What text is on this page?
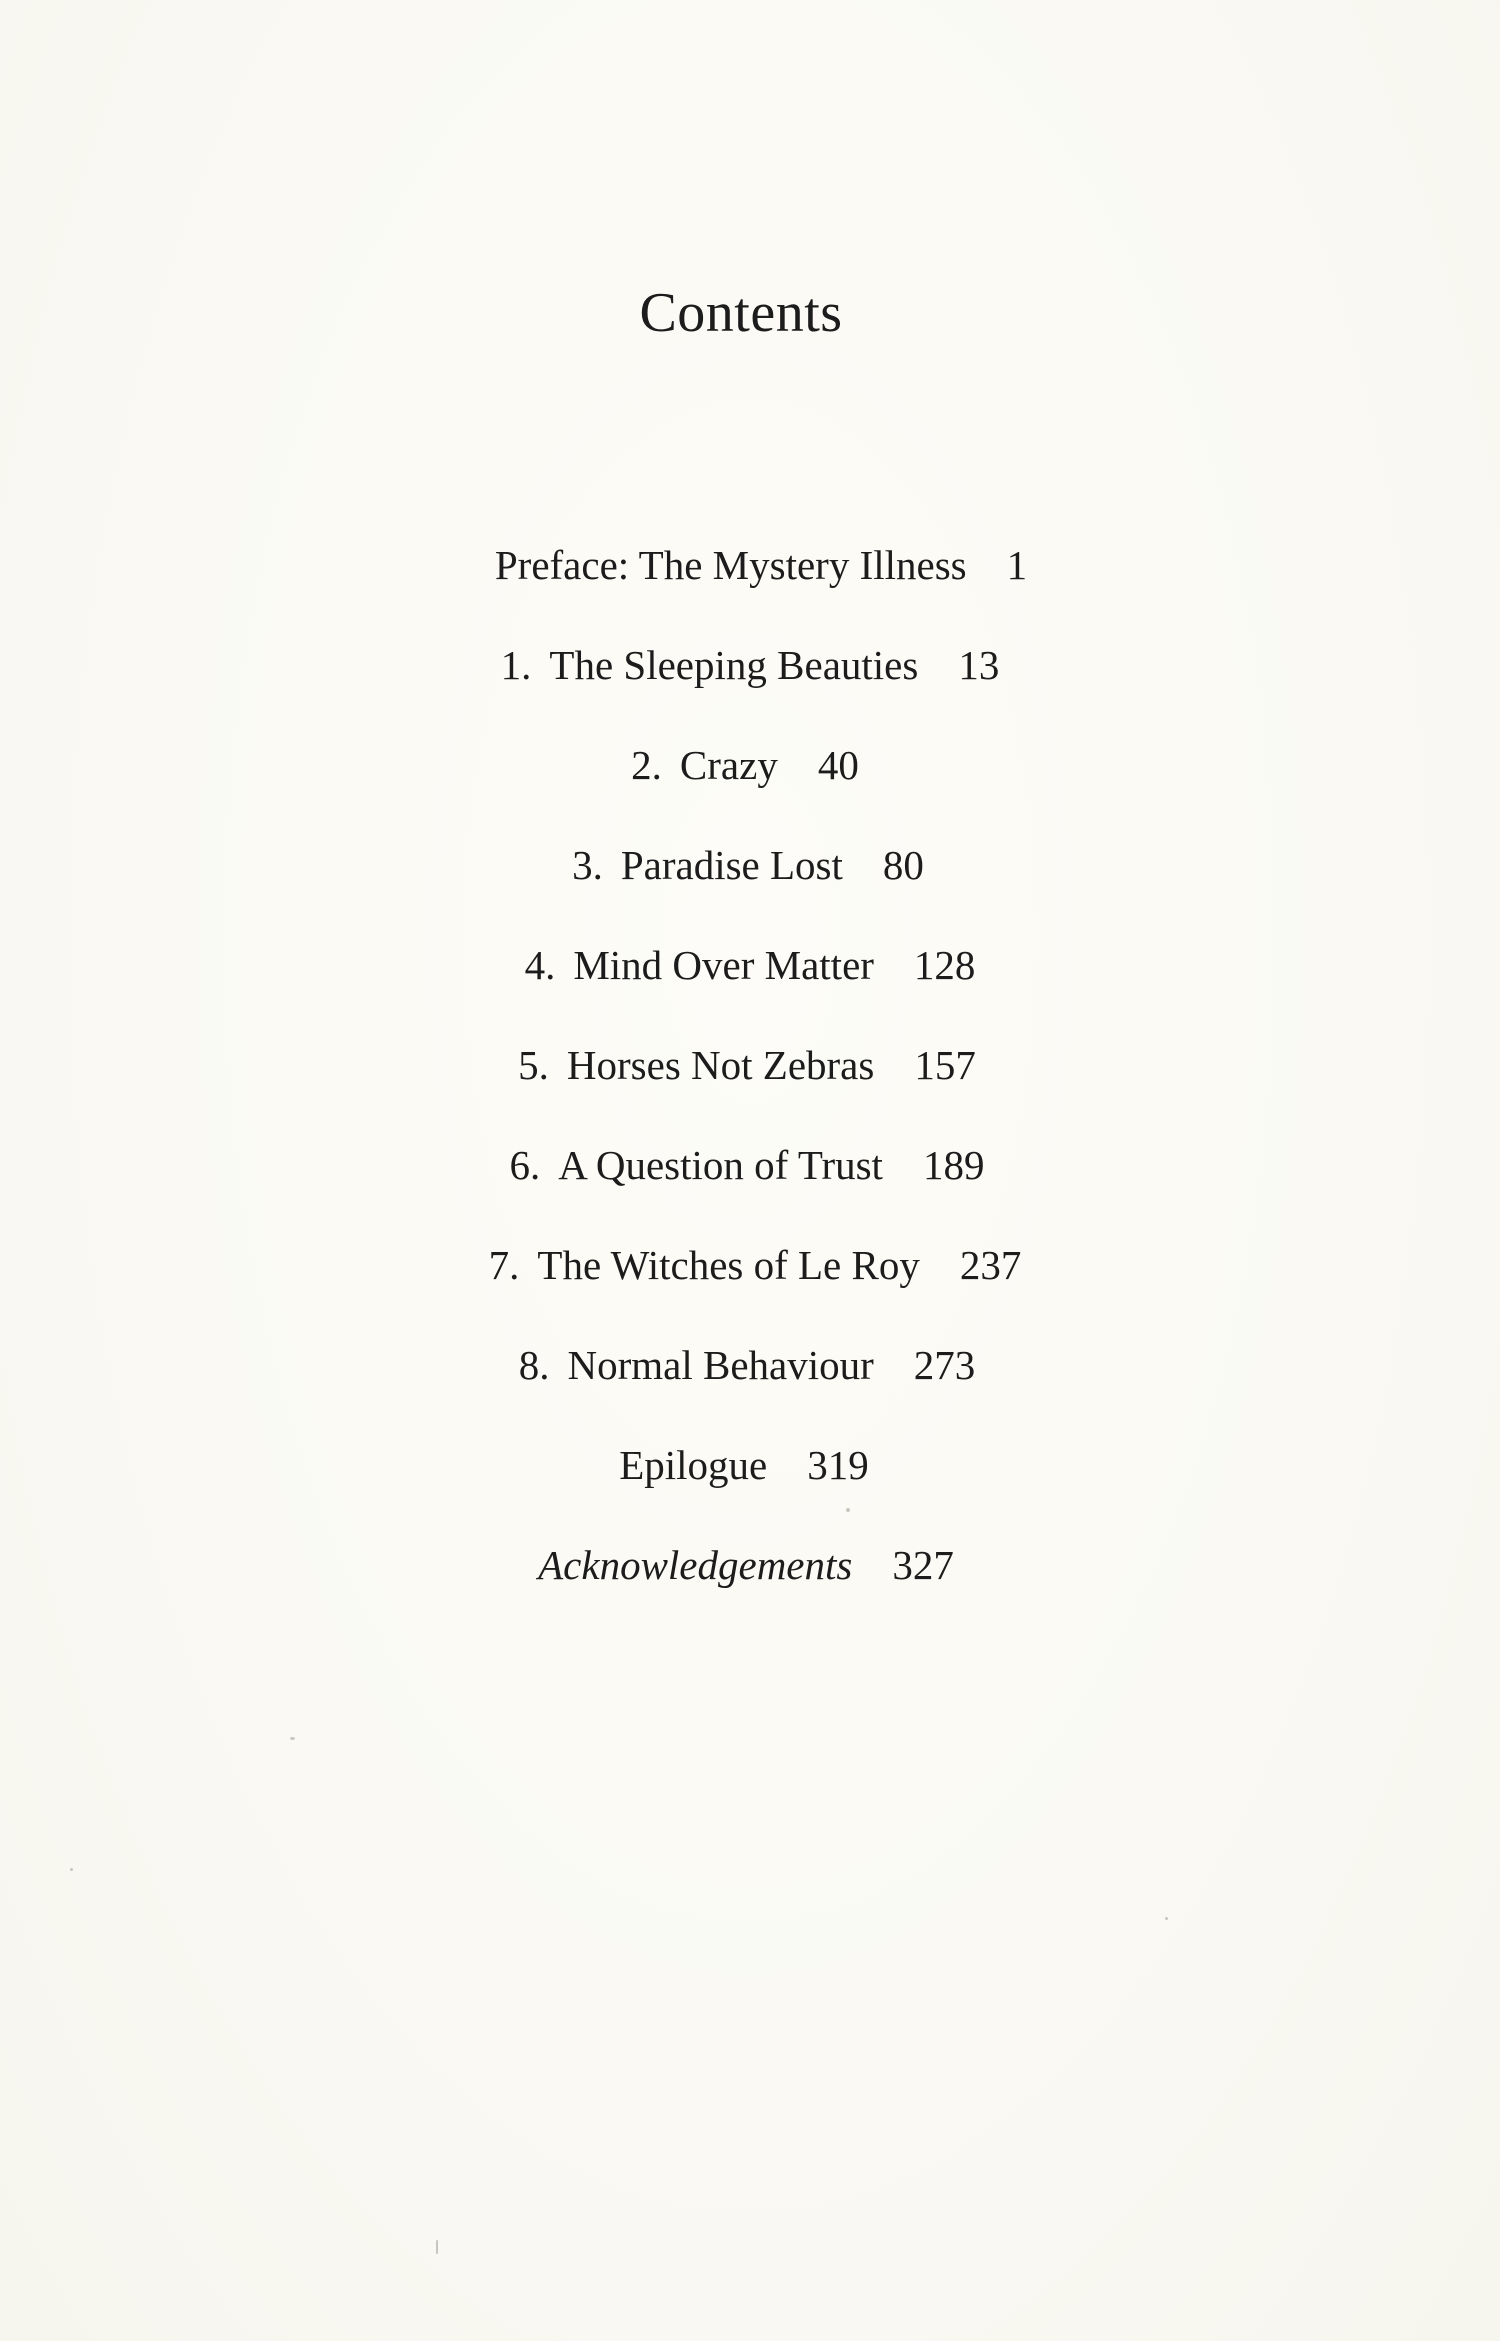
Contents
Preface: The Mystery Illness 1
1. The Sleeping Beauties 13
2. Crazy 40
3. Paradise Lost 80
4. Mind Over Matter 128
5. Horses Not Zebras 157
6. A Question of Trust 189
7. The Witches of Le Roy 237
8. Normal Behaviour 273
Epilogue 319
Acknowledgements 327
